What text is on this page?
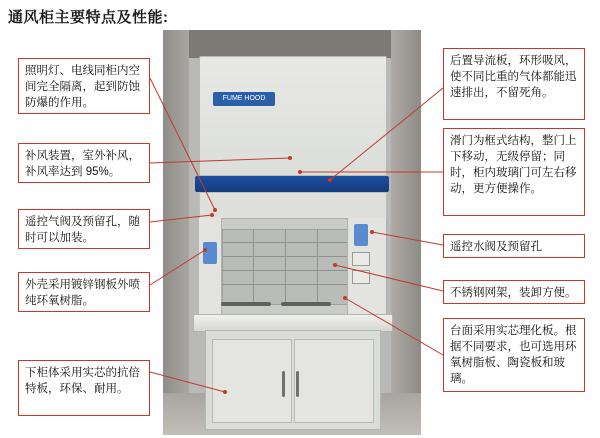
通风柜主要特点及性能:
FUME HOOD
照明灯、电线同柜内空间完全隔离，起到防蚀防爆的作用。
补风装置，室外补风，补风率达到 95%。
遥控气阀及预留孔，随时可以加装。
外壳采用镀锌钢板外喷纯环氧树脂。
下柜体采用实芯的抗倍特板，环保、耐用。
后置导流板，环形吸风，使不同比重的气体都能迅速排出，不留死角。
滑门为框式结构，整门上下移动，无级停留；同时，柜内玻璃门可左右移动，更方便操作。
遥控水阀及预留孔
不锈钢网架，装卸方便。
台面采用实芯理化板。根据不同要求，也可选用环氧树脂板、陶瓷板和玻璃。
